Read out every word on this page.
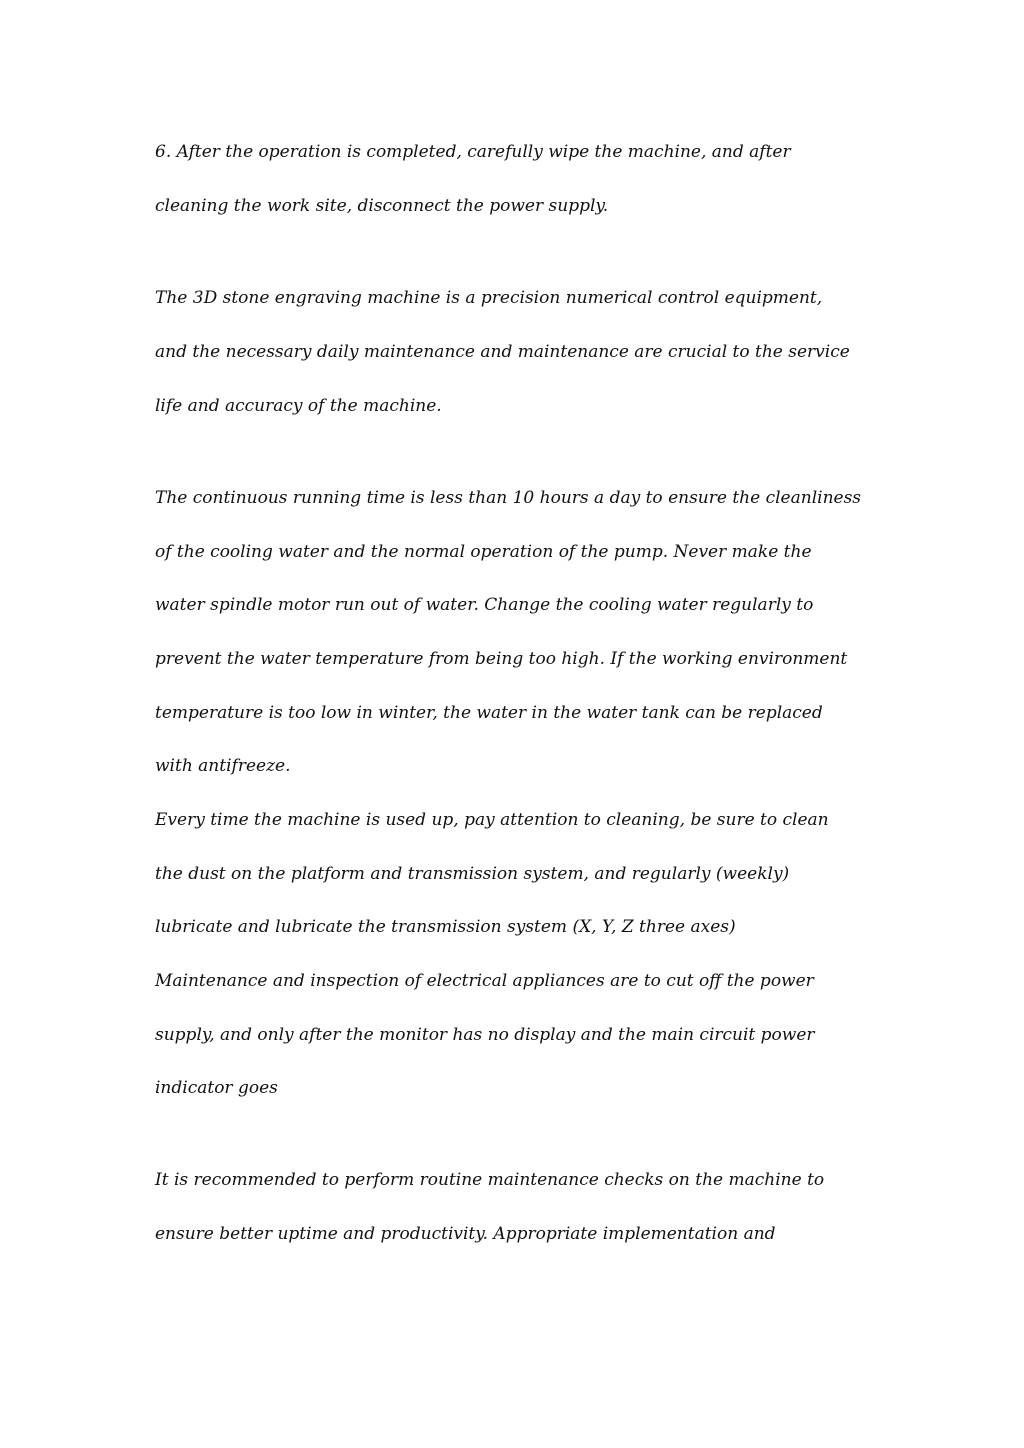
6. After the operation is completed, carefully wipe the machine, and after
cleaning the work site, disconnect the power supply.
The 3D stone engraving machine is a precision numerical control equipment,
and the necessary daily maintenance and maintenance are crucial to the service
life and accuracy of the machine.
The continuous running time is less than 10 hours a day to ensure the cleanliness
of the cooling water and the normal operation of the pump. Never make the
water spindle motor run out of water. Change the cooling water regularly to
prevent the water temperature from being too high. If the working environment
temperature is too low in winter, the water in the water tank can be replaced
with antifreeze.
Every time the machine is used up, pay attention to cleaning, be sure to clean
the dust on the platform and transmission system, and regularly (weekly)
lubricate and lubricate the transmission system (X, Y, Z three axes)
Maintenance and inspection of electrical appliances are to cut off the power
supply, and only after the monitor has no display and the main circuit power
indicator goes
It is recommended to perform routine maintenance checks on the machine to
ensure better uptime and productivity. Appropriate implementation and
